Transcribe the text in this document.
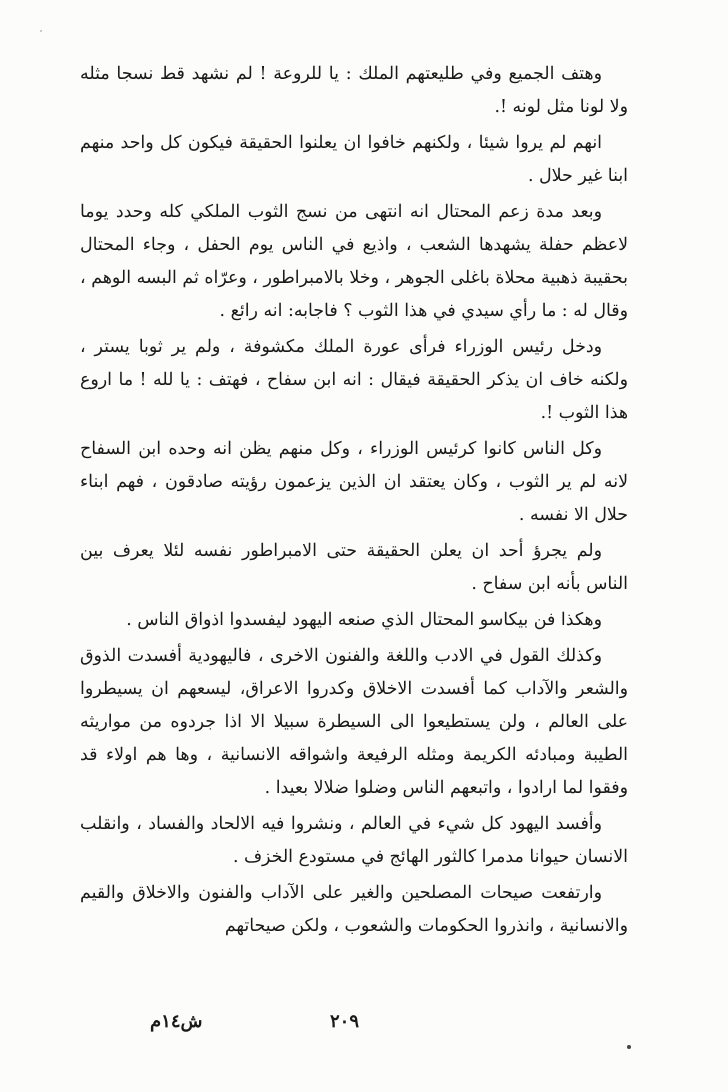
وهتف الجميع وفي طليعتهم الملك : يا للروعة ! لم نشهد قط نسجا مثله ولا لونا مثل لونه !.

انهم لم يروا شيئا ، ولكنهم خافوا ان يعلنوا الحقيقة فيكون كل واحد منهم ابنا غير حلال .

وبعد مدة زعم المحتال انه انتهى من نسج الثوب الملكي كله وحدد يوما لاعظم حفلة يشهدها الشعب ، واذيع في الناس يوم الحفل ، وجاء المحتال بحقيبة ذهبية محلاة باغلى الجوهر ، وخلا بالامبراطور ، وعرّاه ثم البسه الوهم ، وقال له : ما رأي سيدي في هذا الثوب ؟ فاجابه: انه رائع .

ودخل رئيس الوزراء فرأى عورة الملك مكشوفة ، ولم ير ثوبا يستر ، ولكنه خاف ان يذكر الحقيقة فيقال : انه ابن سفاح ، فهتف : يا لله ! ما اروع هذا الثوب !.

وكل الناس كانوا كرئيس الوزراء ، وكل منهم يظن انه وحده ابن السفاح لانه لم ير الثوب ، وكان يعتقد ان الذين يزعمون رؤيته صادقون ، فهم ابناء حلال الا نفسه .

ولم يجرؤ أحد ان يعلن الحقيقة حتى الامبراطور نفسه لئلا يعرف بين الناس بأنه ابن سفاح .

وهكذا فن بيكاسو المحتال الذي صنعه اليهود ليفسدوا اذواق الناس .

وكذلك القول في الادب واللغة والفنون الاخرى ، فاليهودية أفسدت الذوق والشعر والآداب كما أفسدت الاخلاق وكدروا الاعراق، ليسعهم ان يسيطروا على العالم ، ولن يستطيعوا الى السيطرة سبيلا الا اذا جردوه من مواريثه الطيبة ومبادئه الكريمة ومثله الرفيعة واشواقه الانسانية ، وها هم اولاء قد وفقوا لما ارادوا ، واتبعهم الناس وضلوا ضلالا بعيدا .

وأفسد اليهود كل شيء في العالم ، ونشروا فيه الالحاد والفساد ، وانقلب الانسان حيوانا مدمرا كالثور الهائج في مستودع الخزف .

وارتفعت صيحات المصلحين والغير على الآداب والفنون والاخلاق والقيم والانسانية ، وانذروا الحكومات والشعوب ، ولكن صيحاتهم

٢٠٩
ش١٤م
